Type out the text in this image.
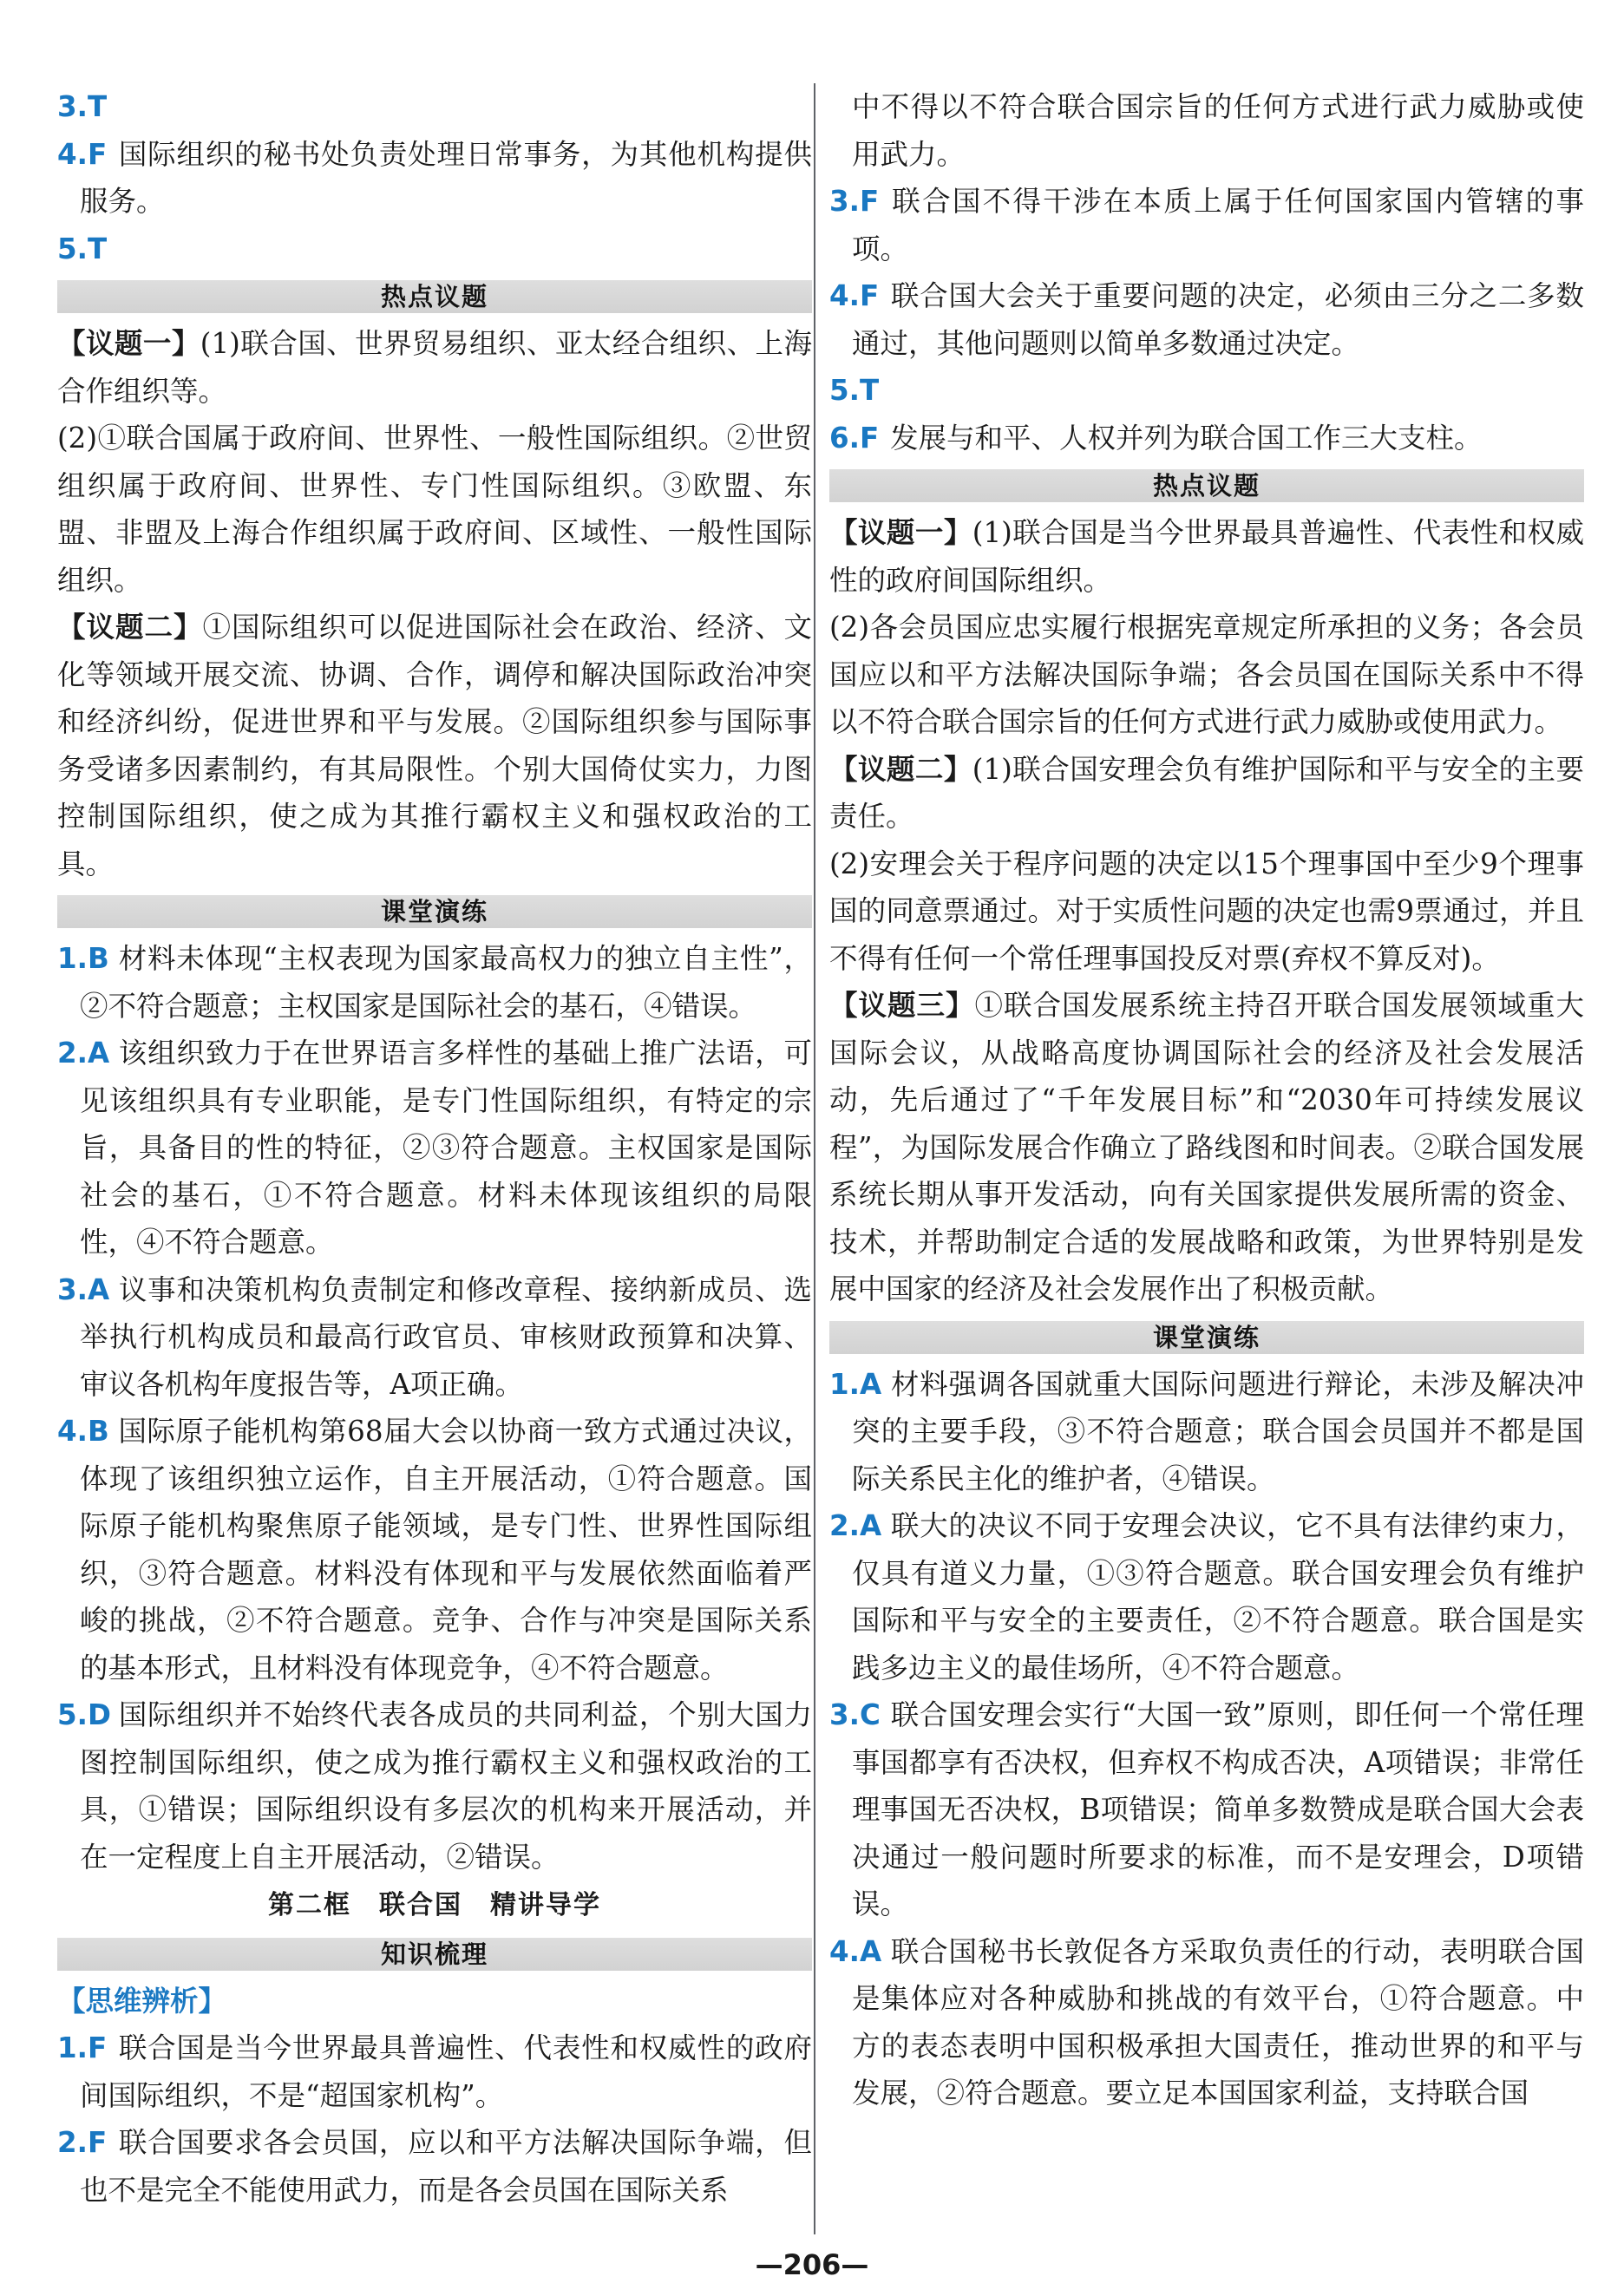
3.T

4.F 国际组织的秘书处负责处理日常事务，为其他机构提供服务。

5.T

热点议题

【议题一】(1)联合国、世界贸易组织、亚太经合组织、上海合作组织等。

(2)①联合国属于政府间、世界性、一般性国际组织。②世贸组织属于政府间、世界性、专门性国际组织。③欧盟、东盟、非盟及上海合作组织属于政府间、区域性、一般性国际组织。

【议题二】①国际组织可以促进国际社会在政治、经济、文化等领域开展交流、协调、合作，调停和解决国际政治冲突和经济纠纷，促进世界和平与发展。②国际组织参与国际事务受诸多因素制约，有其局限性。个别大国倚仗实力，力图控制国际组织，使之成为其推行霸权主义和强权政治的工具。

课堂演练

1.B 材料未体现“主权表现为国家最高权力的独立自主性”，②不符合题意；主权国家是国际社会的基石，④错误。

2.A 该组织致力于在世界语言多样性的基础上推广法语，可见该组织具有专业职能，是专门性国际组织，有特定的宗旨，具备目的性的特征，②③符合题意。主权国家是国际社会的基石，①不符合题意。材料未体现该组织的局限性，④不符合题意。

3.A 议事和决策机构负责制定和修改章程、接纳新成员、选举执行机构成员和最高行政官员、审核财政预算和决算、审议各机构年度报告等，A项正确。

4.B 国际原子能机构第68届大会以协商一致方式通过决议，体现了该组织独立运作，自主开展活动，①符合题意。国际原子能机构聚焦原子能领域，是专门性、世界性国际组织，③符合题意。材料没有体现和平与发展依然面临着严峻的挑战，②不符合题意。竞争、合作与冲突是国际关系的基本形式，且材料没有体现竞争，④不符合题意。

5.D 国际组织并不始终代表各成员的共同利益，个别大国力图控制国际组织，使之成为推行霸权主义和强权政治的工具，①错误；国际组织设有多层次的机构来开展活动，并在一定程度上自主开展活动，②错误。

第二框　联合国　精讲导学

知识梳理

【思维辨析】

1.F 联合国是当今世界最具普遍性、代表性和权威性的政府间国际组织，不是“超国家机构”。

2.F 联合国要求各会员国，应以和平方法解决国际争端，但也不是完全不能使用武力，而是各会员国在国际关系

中不得以不符合联合国宗旨的任何方式进行武力威胁或使用武力。

3.F 联合国不得干涉在本质上属于任何国家国内管辖的事项。

4.F 联合国大会关于重要问题的决定，必须由三分之二多数通过，其他问题则以简单多数通过决定。

5.T

6.F 发展与和平、人权并列为联合国工作三大支柱。

热点议题

【议题一】(1)联合国是当今世界最具普遍性、代表性和权威性的政府间国际组织。

(2)各会员国应忠实履行根据宪章规定所承担的义务；各会员国应以和平方法解决国际争端；各会员国在国际关系中不得以不符合联合国宗旨的任何方式进行武力威胁或使用武力。

【议题二】(1)联合国安理会负有维护国际和平与安全的主要责任。

(2)安理会关于程序问题的决定以15个理事国中至少9个理事国的同意票通过。对于实质性问题的决定也需9票通过，并且不得有任何一个常任理事国投反对票(弃权不算反对)。

【议题三】①联合国发展系统主持召开联合国发展领域重大国际会议，从战略高度协调国际社会的经济及社会发展活动，先后通过了“千年发展目标”和“2030年可持续发展议程”，为国际发展合作确立了路线图和时间表。②联合国发展系统长期从事开发活动，向有关国家提供发展所需的资金、技术，并帮助制定合适的发展战略和政策，为世界特别是发展中国家的经济及社会发展作出了积极贡献。

课堂演练

1.A 材料强调各国就重大国际问题进行辩论，未涉及解决冲突的主要手段，③不符合题意；联合国会员国并不都是国际关系民主化的维护者，④错误。

2.A 联大的决议不同于安理会决议，它不具有法律约束力，仅具有道义力量，①③符合题意。联合国安理会负有维护国际和平与安全的主要责任，②不符合题意。联合国是实践多边主义的最佳场所，④不符合题意。

3.C 联合国安理会实行“大国一致”原则，即任何一个常任理事国都享有否决权，但弃权不构成否决，A项错误；非常任理事国无否决权，B项错误；简单多数赞成是联合国大会表决通过一般问题时所要求的标准，而不是安理会，D项错误。

4.A 联合国秘书长敦促各方采取负责任的行动，表明联合国是集体应对各种威胁和挑战的有效平台，①符合题意。中方的表态表明中国积极承担大国责任，推动世界的和平与发展，②符合题意。要立足本国国家利益，支持联合国

—206—
